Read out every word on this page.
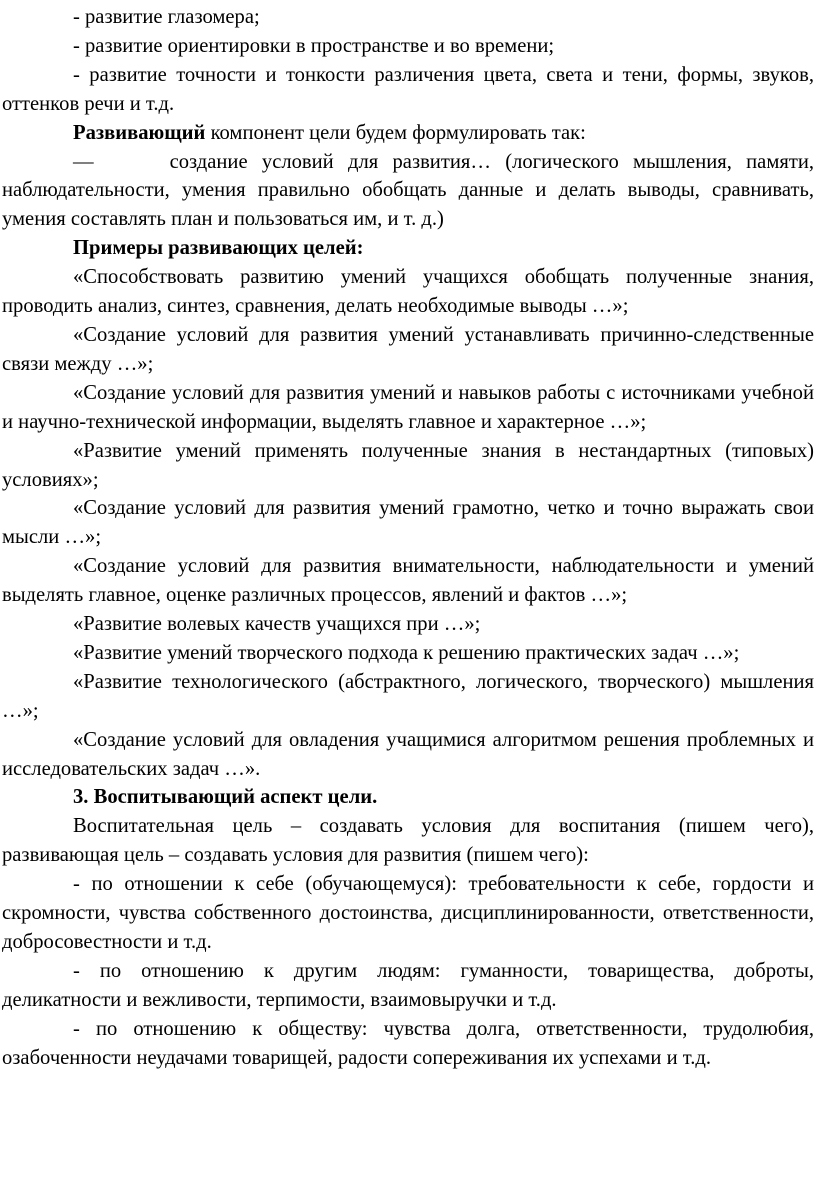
- развитие глазомера;

- развитие ориентировки в пространстве и во времени;

- развитие точности и тонкости различения цвета, света и тени, формы, звуков, оттенков речи и т.д.

Развивающий компонент цели будем формулировать так:

—	создание условий для развития… (логического мышления, памяти, наблюдательности, умения правильно обобщать данные и делать выводы, сравнивать, умения составлять план и пользоваться им, и т. д.)

Примеры развивающих целей:

«Способствовать развитию умений учащихся обобщать полученные знания, проводить анализ, синтез, сравнения, делать необходимые выводы …»;

«Создание условий для развития умений устанавливать причинно-следственные связи между …»;

«Создание условий для развития умений и навыков работы с источниками учебной и научно-технической информации, выделять главное и характерное …»;

«Развитие умений применять полученные знания в нестандартных (типовых) условиях»;

«Создание условий для развития умений грамотно, четко и точно выражать свои мысли …»;

«Создание условий для развития внимательности, наблюдательности и умений выделять главное, оценке различных процессов, явлений и фактов …»;

«Развитие волевых качеств учащихся при …»;

«Развитие умений творческого подхода к решению практических задач …»;

«Развитие технологического (абстрактного, логического, творческого) мышления …»;

«Создание условий для овладения учащимися алгоритмом решения проблемных и исследовательских задач …».

3. Воспитывающий аспект цели.

Воспитательная цель – создавать условия для воспитания (пишем чего), развивающая цель – создавать условия для развития (пишем чего):

- по отношении к себе (обучающемуся): требовательности к себе, гордости и скромности, чувства собственного достоинства, дисциплинированности, ответственности, добросовестности и т.д.

- по отношению к другим людям: гуманности, товарищества, доброты, деликатности и вежливости, терпимости, взаимовыручки и т.д.

- по отношению к обществу: чувства долга, ответственности, трудолюбия, озабоченности неудачами товарищей, радости сопереживания их успехами и т.д.
